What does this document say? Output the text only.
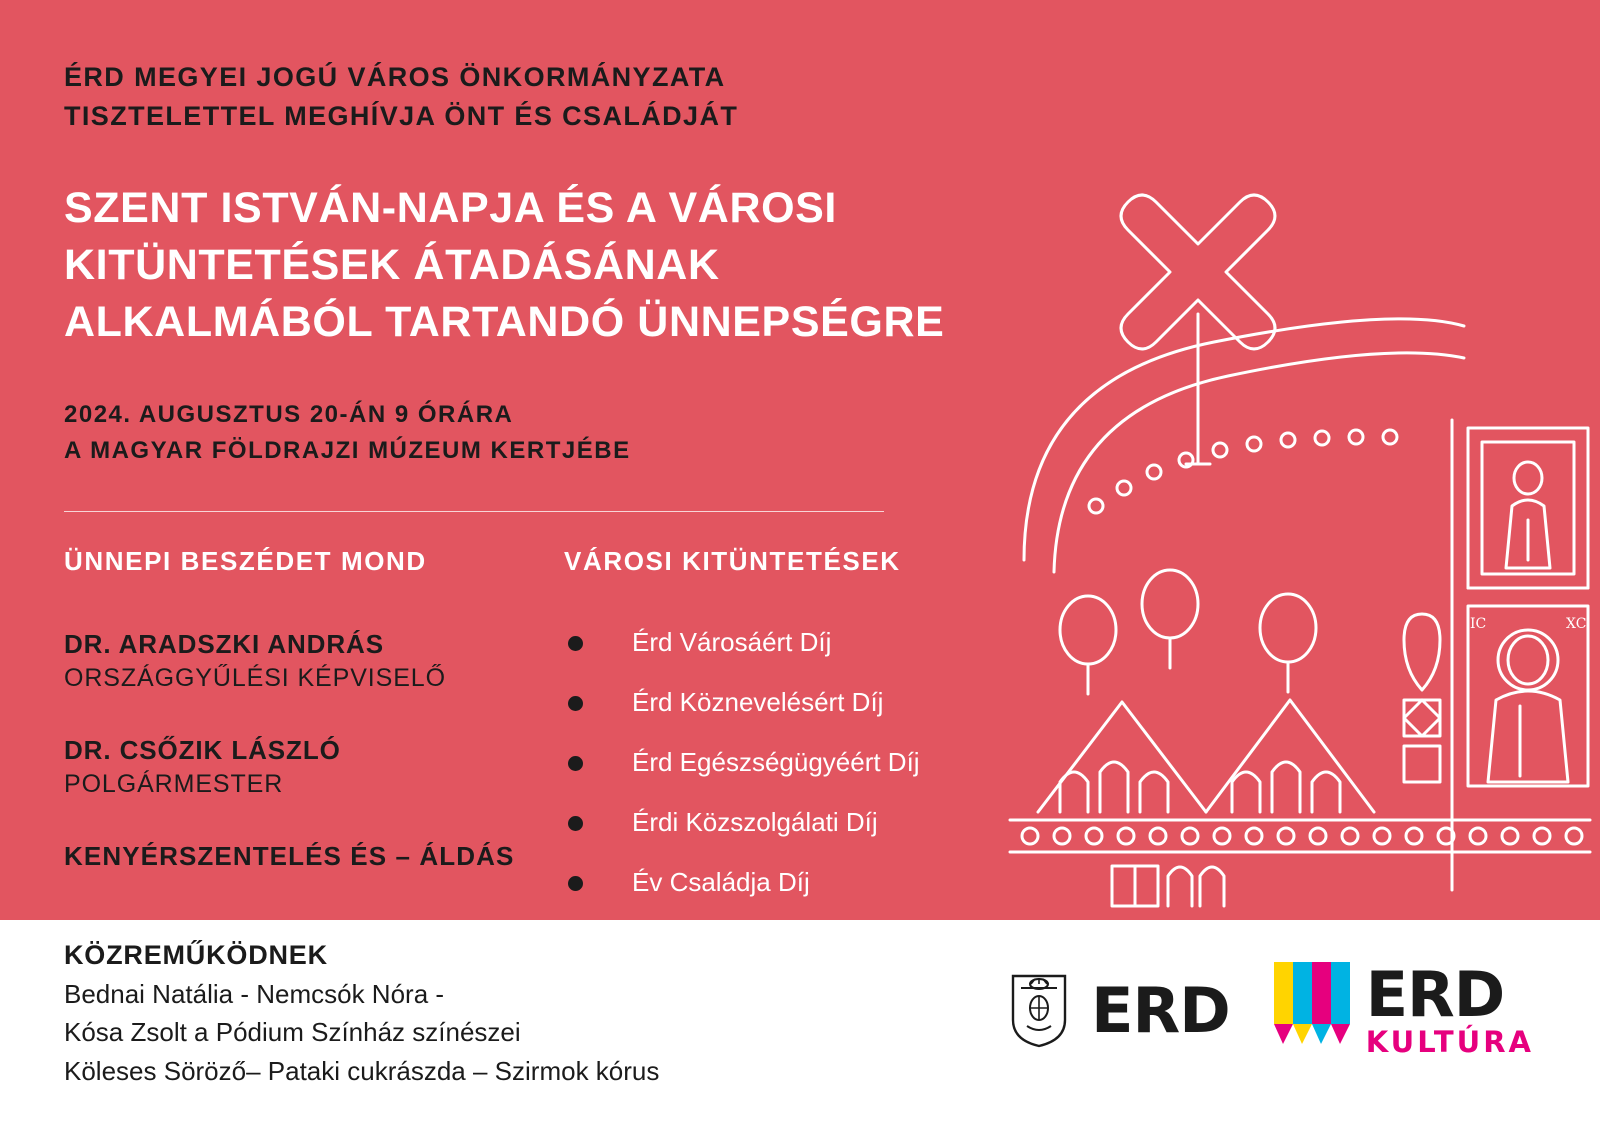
IC	XC

ÉRD MEGYEI JOGÚ VÁROS ÖNKORMÁNYZATA

TISZTELETTEL MEGHÍVJA ÖNT ÉS CSALÁDJÁT

SZENT ISTVÁN-NAPJA ÉS A VÁROSI
KITÜNTETÉSEK ÁTADÁSÁNAK
ALKALMÁBÓL TARTANDÓ ÜNNEPSÉGRE

2024. AUGUSZTUS 20-ÁN 9 ÓRÁRA

A MAGYAR FÖLDRAJZI MÚZEUM KERTJÉBE

ÜNNEPI BESZÉDET MOND

DR. ARADSZKI ANDRÁS

ORSZÁGGYŰLÉSI KÉPVISELŐ

DR. CSŐZIK LÁSZLÓ

POLGÁRMESTER

KENYÉRSZENTELÉS ÉS – ÁLDÁS

VÁROSI KITÜNTETÉSEK
Érd Városáért Díj
Érd Köznevelésért Díj
Érd Egészségügyéért Díj
Érdi Közszolgálati Díj
Év Családja Díj

KÖZREMŰKÖDNEK

Bednai Natália - Nemcsók Nóra -

Kósa Zsolt a Pódium Színház színészei

Köleses Söröző– Pataki cukrászda – Szirmok kórus

ERD ERD
KULTÚRA
